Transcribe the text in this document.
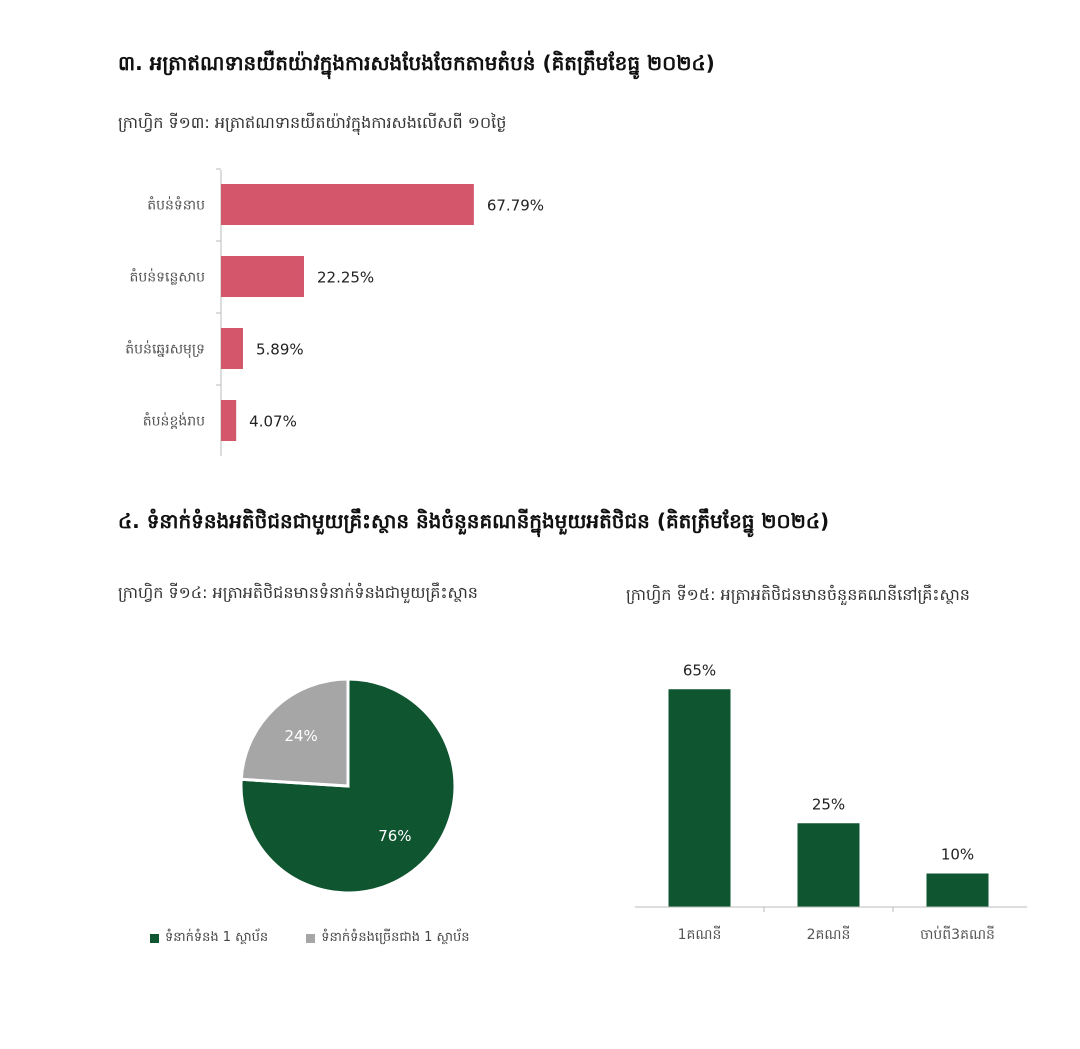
៣. អត្រាឥណទានយឺតយ៉ាវក្នុងការសងបែងចែកតាមតំបន់ (គិតត្រឹមខែធ្នូ ២០២៤)

ក្រាហ្វិក ទី១៣: អត្រាឥណទានយឺតយ៉ាវក្នុងការសងលើសពី ១០ថ្ងៃ

តំបន់ទំនាប	67.79%
តំបន់ទន្លេសាប	22.25%
តំបន់ឆ្នេរសមុទ្រ	5.89%
តំបន់ខ្ពង់រាប	4.07%
៤. ទំនាក់ទំនងអតិថិជនជាមួយគ្រឹះស្ថាន និងចំនួនគណនីក្នុងមួយអតិថិជន (គិតត្រឹមខែធ្នូ ២០២៤)

ក្រាហ្វិក ទី១៤: អត្រាអតិថិជនមានទំនាក់ទំនងជាមួយគ្រឹះស្ថាន	ក្រាហ្វិក ទី១៥: អត្រាអតិថិជនមានចំនួនគណនីនៅគ្រឹះស្ថាន

76%
24%
ទំនាក់ទំនង 1 ស្ថាប័ន	ទំនាក់ទំនងច្រើនជាង 1 ស្ថាប័ន
65%
1គណនី
25%
2គណនី
10%
ចាប់ពី3គណនី
